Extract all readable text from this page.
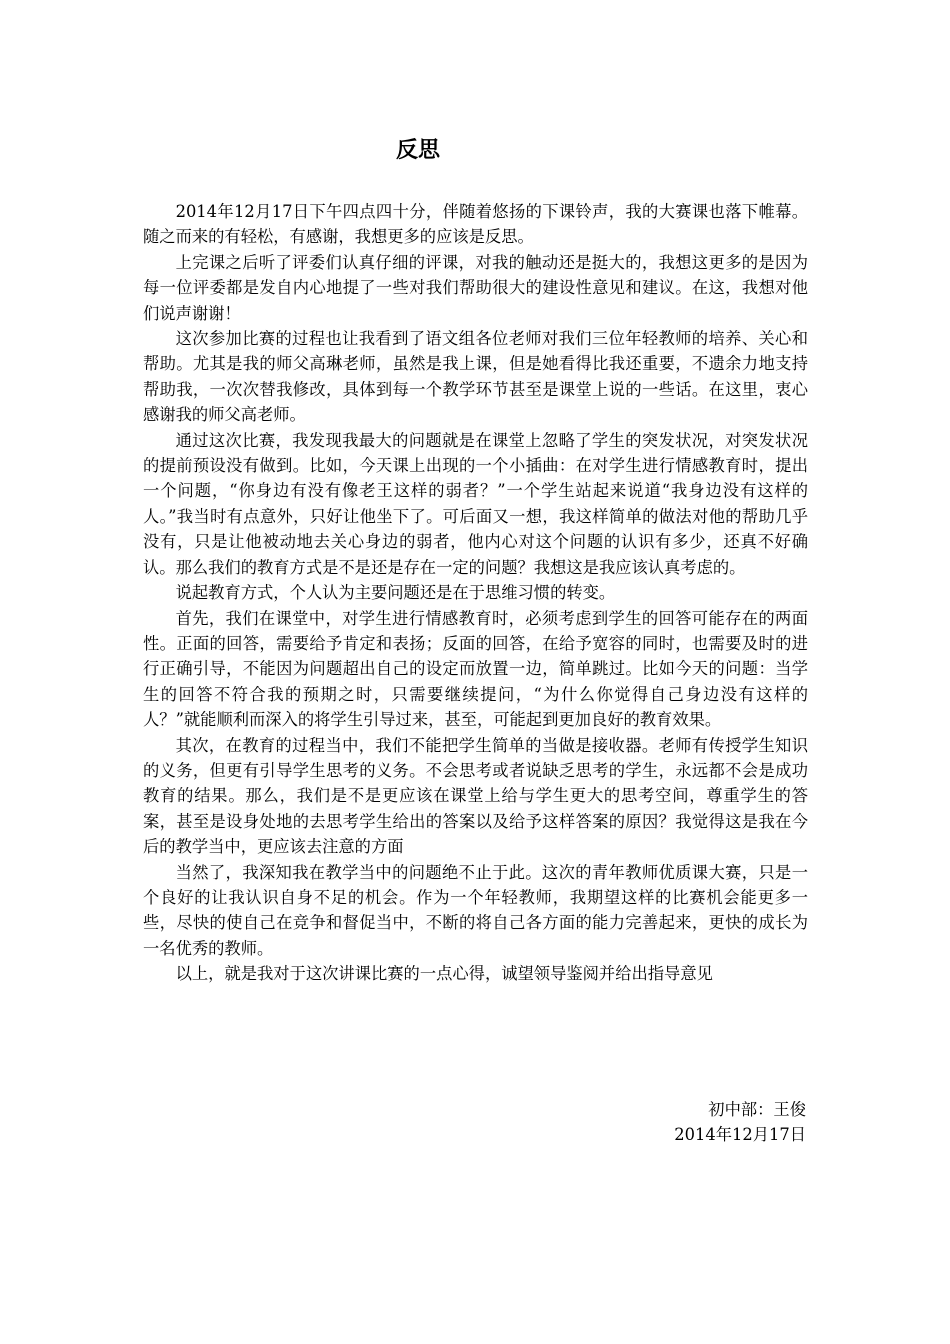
反思

2014年12月17日下午四点四十分，伴随着悠扬的下课铃声，我的大赛课也落下帷幕。随之而来的有轻松，有感谢，我想更多的应该是反思。

上完课之后听了评委们认真仔细的评课，对我的触动还是挺大的，我想这更多的是因为每一位评委都是发自内心地提了一些对我们帮助很大的建设性意见和建议。在这，我想对他们说声谢谢！

这次参加比赛的过程也让我看到了语文组各位老师对我们三位年轻教师的培养、关心和帮助。尤其是我的师父高琳老师，虽然是我上课，但是她看得比我还重要，不遗余力地支持帮助我，一次次替我修改，具体到每一个教学环节甚至是课堂上说的一些话。在这里，衷心感谢我的师父高老师。

通过这次比赛，我发现我最大的问题就是在课堂上忽略了学生的突发状况，对突发状况的提前预设没有做到。比如，今天课上出现的一个小插曲：在对学生进行情感教育时，提出一个问题，“你身边有没有像老王这样的弱者？”一个学生站起来说道“我身边没有这样的人。”我当时有点意外，只好让他坐下了。可后面又一想，我这样简单的做法对他的帮助几乎没有，只是让他被动地去关心身边的弱者，他内心对这个问题的认识有多少，还真不好确认。那么我们的教育方式是不是还是存在一定的问题？我想这是我应该认真考虑的。

说起教育方式，个人认为主要问题还是在于思维习惯的转变。

首先，我们在课堂中，对学生进行情感教育时，必须考虑到学生的回答可能存在的两面性。正面的回答，需要给予肯定和表扬；反面的回答，在给予宽容的同时，也需要及时的进行正确引导，不能因为问题超出自己的设定而放置一边，简单跳过。比如今天的问题：当学生的回答不符合我的预期之时，只需要继续提问，“为什么你觉得自己身边没有这样的人？”就能顺利而深入的将学生引导过来，甚至，可能起到更加良好的教育效果。

其次，在教育的过程当中，我们不能把学生简单的当做是接收器。老师有传授学生知识的义务，但更有引导学生思考的义务。不会思考或者说缺乏思考的学生，永远都不会是成功教育的结果。那么，我们是不是更应该在课堂上给与学生更大的思考空间，尊重学生的答案，甚至是设身处地的去思考学生给出的答案以及给予这样答案的原因？我觉得这是我在今后的教学当中，更应该去注意的方面

当然了，我深知我在教学当中的问题绝不止于此。这次的青年教师优质课大赛，只是一个良好的让我认识自身不足的机会。作为一个年轻教师，我期望这样的比赛机会能更多一些，尽快的使自己在竞争和督促当中，不断的将自己各方面的能力完善起来，更快的成长为一名优秀的教师。

以上，就是我对于这次讲课比赛的一点心得，诚望领导鉴阅并给出指导意见

初中部：王俊
2014年12月17日
